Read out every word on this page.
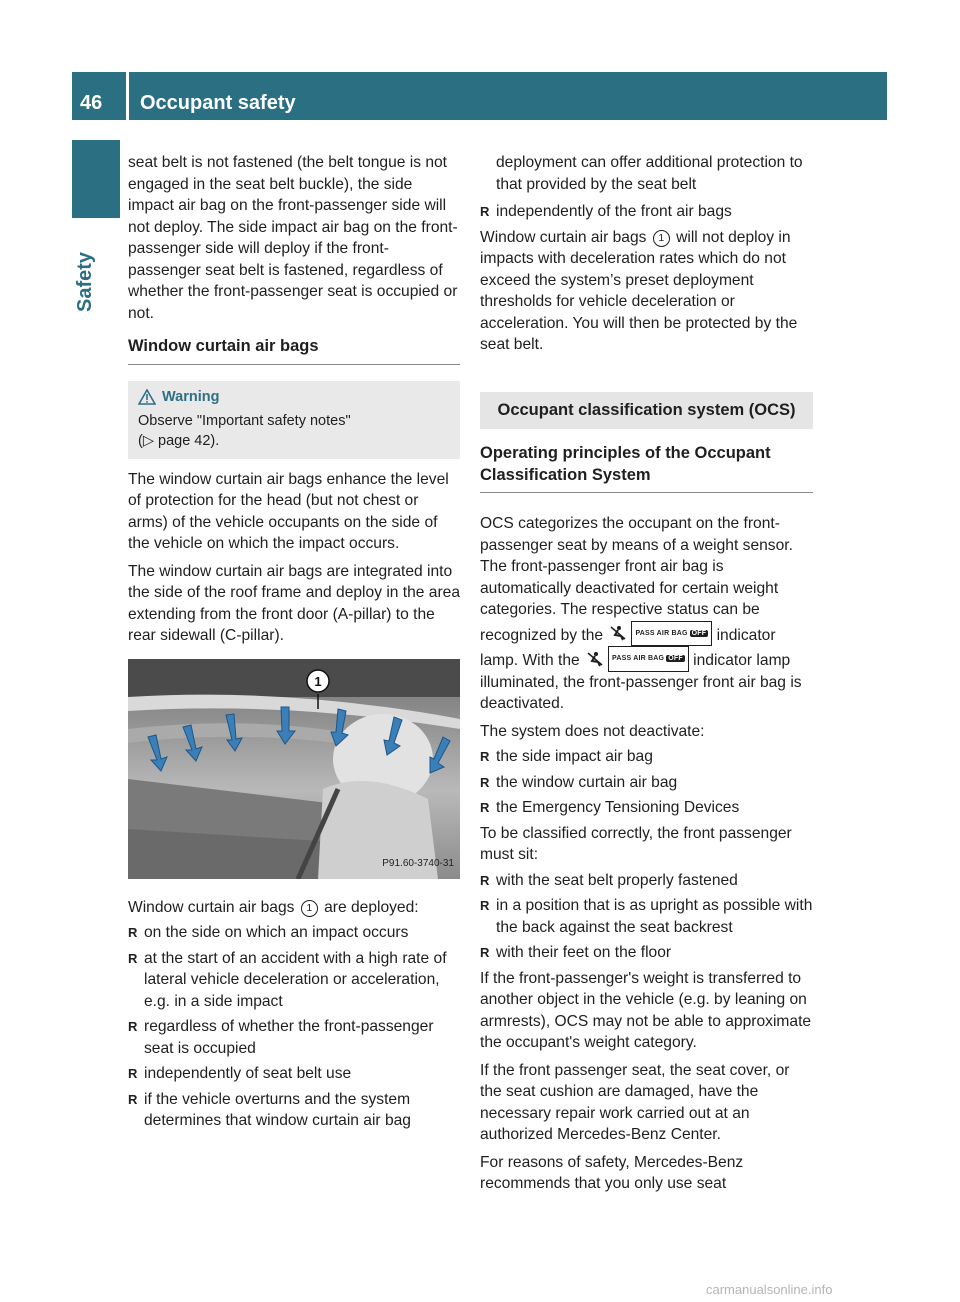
46	Occupant safety
Safety

seat belt is not fastened (the belt tongue is not engaged in the seat belt buckle), the side impact air bag on the front-passenger side will not deploy. The side impact air bag on the front-passenger side will deploy if the front-passenger seat belt is fastened, regardless of whether the front-passenger seat is occupied or not.

Window curtain air bags
Warning
Observe "Important safety notes"
(▷ page 42).

The window curtain air bags enhance the level of protection for the head (but not chest or arms) of the vehicle occupants on the side of the vehicle on which the impact occurs.

The window curtain air bags are integrated into the side of the roof frame and deploy in the area extending from the front door (A-pillar) to the rear sidewall (C-pillar).

1
P91.60-3740-31

Window curtain air bags 1 are deployed:

R on the side on which an impact occurs
R at the start of an accident with a high rate of lateral vehicle deceleration or acceleration, e.g. in a side impact
R regardless of whether the front-passenger seat is occupied
R independently of seat belt use
R if the vehicle overturns and the system determines that window curtain air bag

deployment can offer additional protection to that provided by the seat belt

R independently of the front air bags

Window curtain air bags 1 will not deploy in impacts with deceleration rates which do not exceed the system’s preset deployment thresholds for vehicle deceleration or acceleration. You will then be protected by the seat belt.

Occupant classification system (OCS)
Operating principles of the Occupant Classification System

OCS categorizes the occupant on the front-passenger seat by means of a weight sensor. The front-passenger front air bag is automatically deactivated for certain weight categories. The respective status can be recognized by the	PASS AIR BAG OFF indicator lamp. With the	PASS AIR BAG OFF indicator lamp illuminated, the front-passenger front air bag is deactivated.

The system does not deactivate:

R the side impact air bag
R the window curtain air bag
R the Emergency Tensioning Devices

To be classified correctly, the front passenger must sit:

R with the seat belt properly fastened
R in a position that is as upright as possible with the back against the seat backrest
R with their feet on the floor

If the front-passenger's weight is transferred to another object in the vehicle (e.g. by leaning on armrests), OCS may not be able to approximate the occupant's weight category.

If the front passenger seat, the seat cover, or the seat cushion are damaged, have the necessary repair work carried out at an authorized Mercedes-Benz Center.

For reasons of safety, Mercedes-Benz recommends that you only use seat

carmanualsonline.info
